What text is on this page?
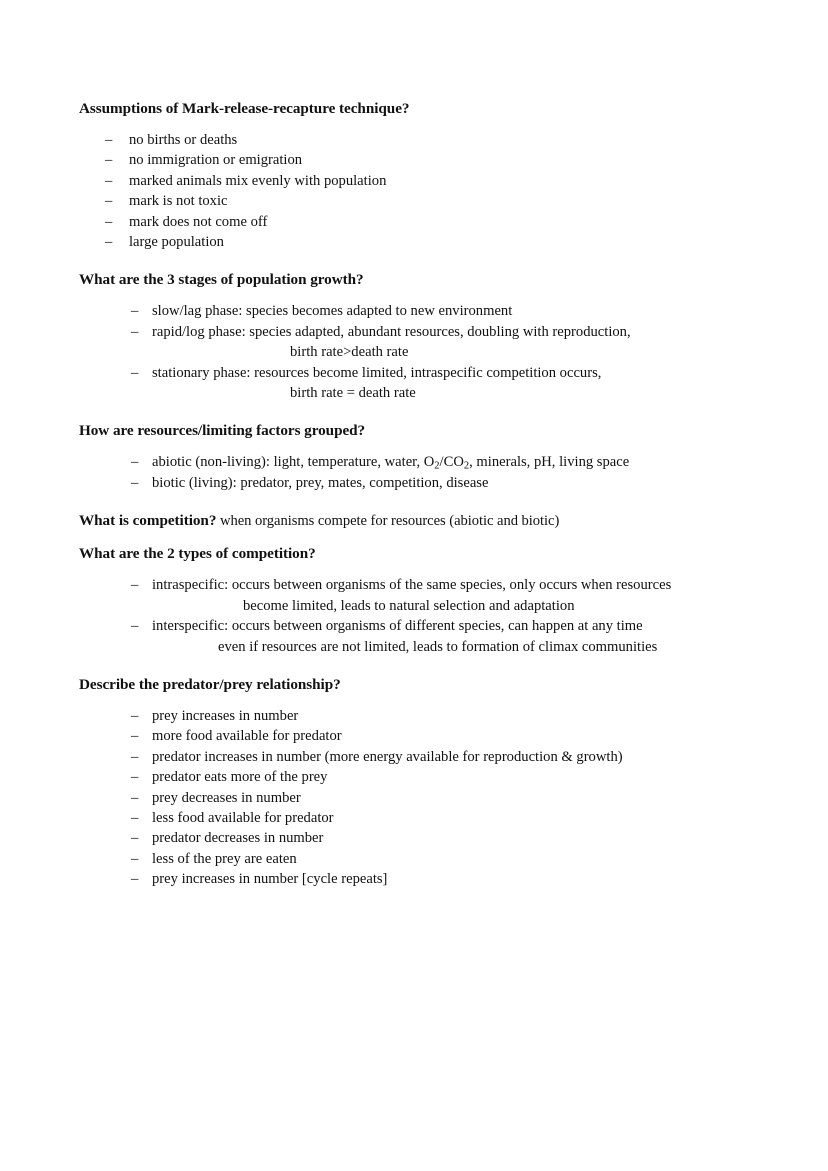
Assumptions of Mark-release-recapture technique?

– no births or deaths
– no immigration or emigration
– marked animals mix evenly with population
– mark is not toxic
– mark does not come off
– large population

What are the 3 stages of population growth?

– slow/lag phase: species becomes adapted to new environment
– rapid/log phase: species adapted, abundant resources, doubling with reproduction,
birth rate>death rate
– stationary phase: resources become limited, intraspecific competition occurs,
birth rate = death rate

How are resources/limiting factors grouped?

– abiotic (non-living): light, temperature, water, $O_2/CO_2$, minerals, pH, living space
– biotic (living): predator, prey, mates, competition, disease

What is competition? when organisms compete for resources (abiotic and biotic)

What are the 2 types of competition?

– intraspecific: occurs between organisms of the same species, only occurs when resources
become limited, leads to natural selection and adaptation
– interspecific: occurs between organisms of different species, can happen at any time
even if resources are not limited, leads to formation of climax communities

Describe the predator/prey relationship?

– prey increases in number
– more food available for predator
– predator increases in number (more energy available for reproduction & growth)
– predator eats more of the prey
– prey decreases in number
– less food available for predator
– predator decreases in number
– less of the prey are eaten
– prey increases in number [cycle repeats]
